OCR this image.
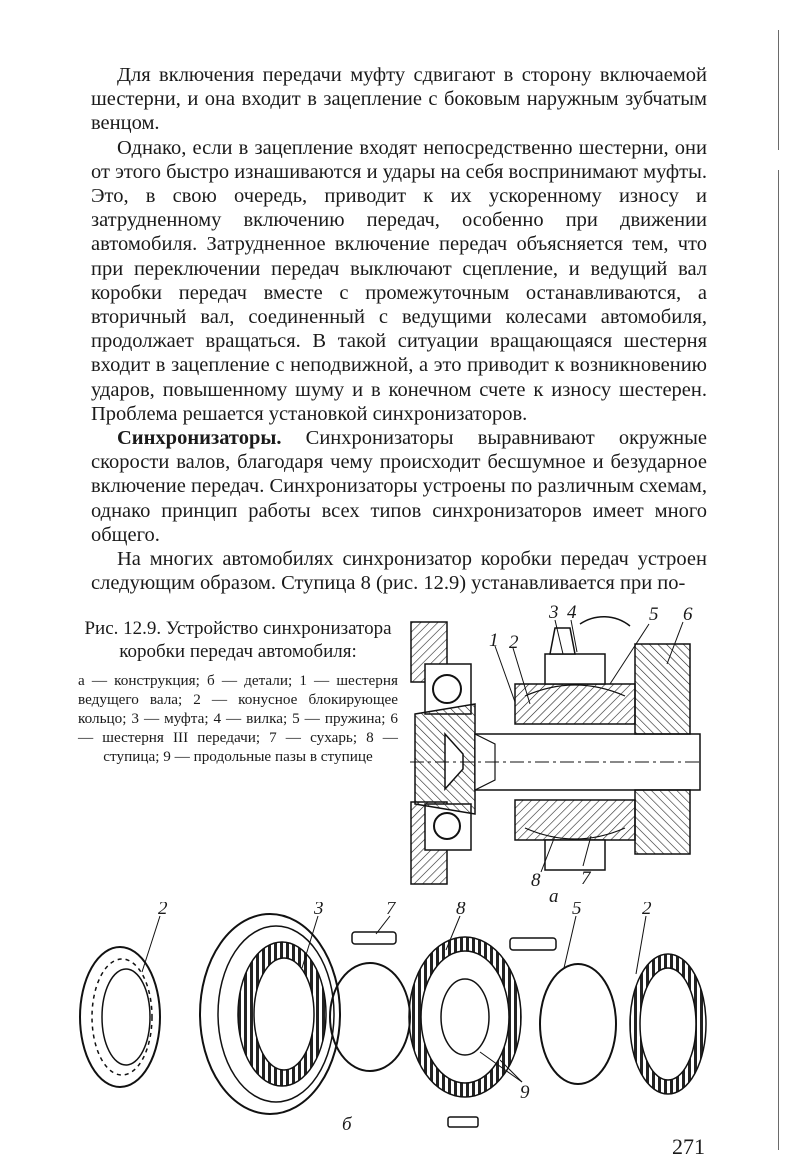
Для включения передачи муфту сдвигают в сторону включаемой шестерни, и она входит в зацепление с боковым наружным зубчатым венцом.

Однако, если в зацепление входят непосредственно шестерни, они от этого быстро изнашиваются и удары на себя воспринимают муфты. Это, в свою очередь, приводит к их ускоренному износу и затрудненному включению передач, особенно при движении автомобиля. Затрудненное включение передач объясняется тем, что при переключении передач выключают сцепление, и ведущий вал коробки передач вместе с промежуточным останавливаются, а вторичный вал, соединенный с ведущими колесами автомобиля, продолжает вращаться. В такой ситуации вращающаяся шестерня входит в зацепление с неподвижной, а это приводит к возникновению ударов, повышенному шуму и в конечном счете к износу шестерен. Проблема решается установкой синхронизаторов.

Синхронизаторы. Синхронизаторы выравнивают окружные скорости валов, благодаря чему происходит бесшумное и безударное включение передач. Синхронизаторы устроены по различным схемам, однако принцип работы всех типов синхронизаторов имеет много общего.

На многих автомобилях синхронизатор коробки передач устроен следующим образом. Ступица 8 (рис. 12.9) устанавливается при по-

Рис. 12.9. Устройство синхронизатора коробки передач автомобиля:

а — конструкция; б — детали; 1 — шестерня ведущего вала; 2 — конусное блокирующее кольцо; 3 — муфта; 4 — вилка; 5 — пружина; 6 — шестерня III передачи; 7 — сухарь; 8 — ступица; 9 — продольные пазы в ступице

1 2
3 4	5 6
8 7
а
2	3	7	8	5	2
9
б
271
